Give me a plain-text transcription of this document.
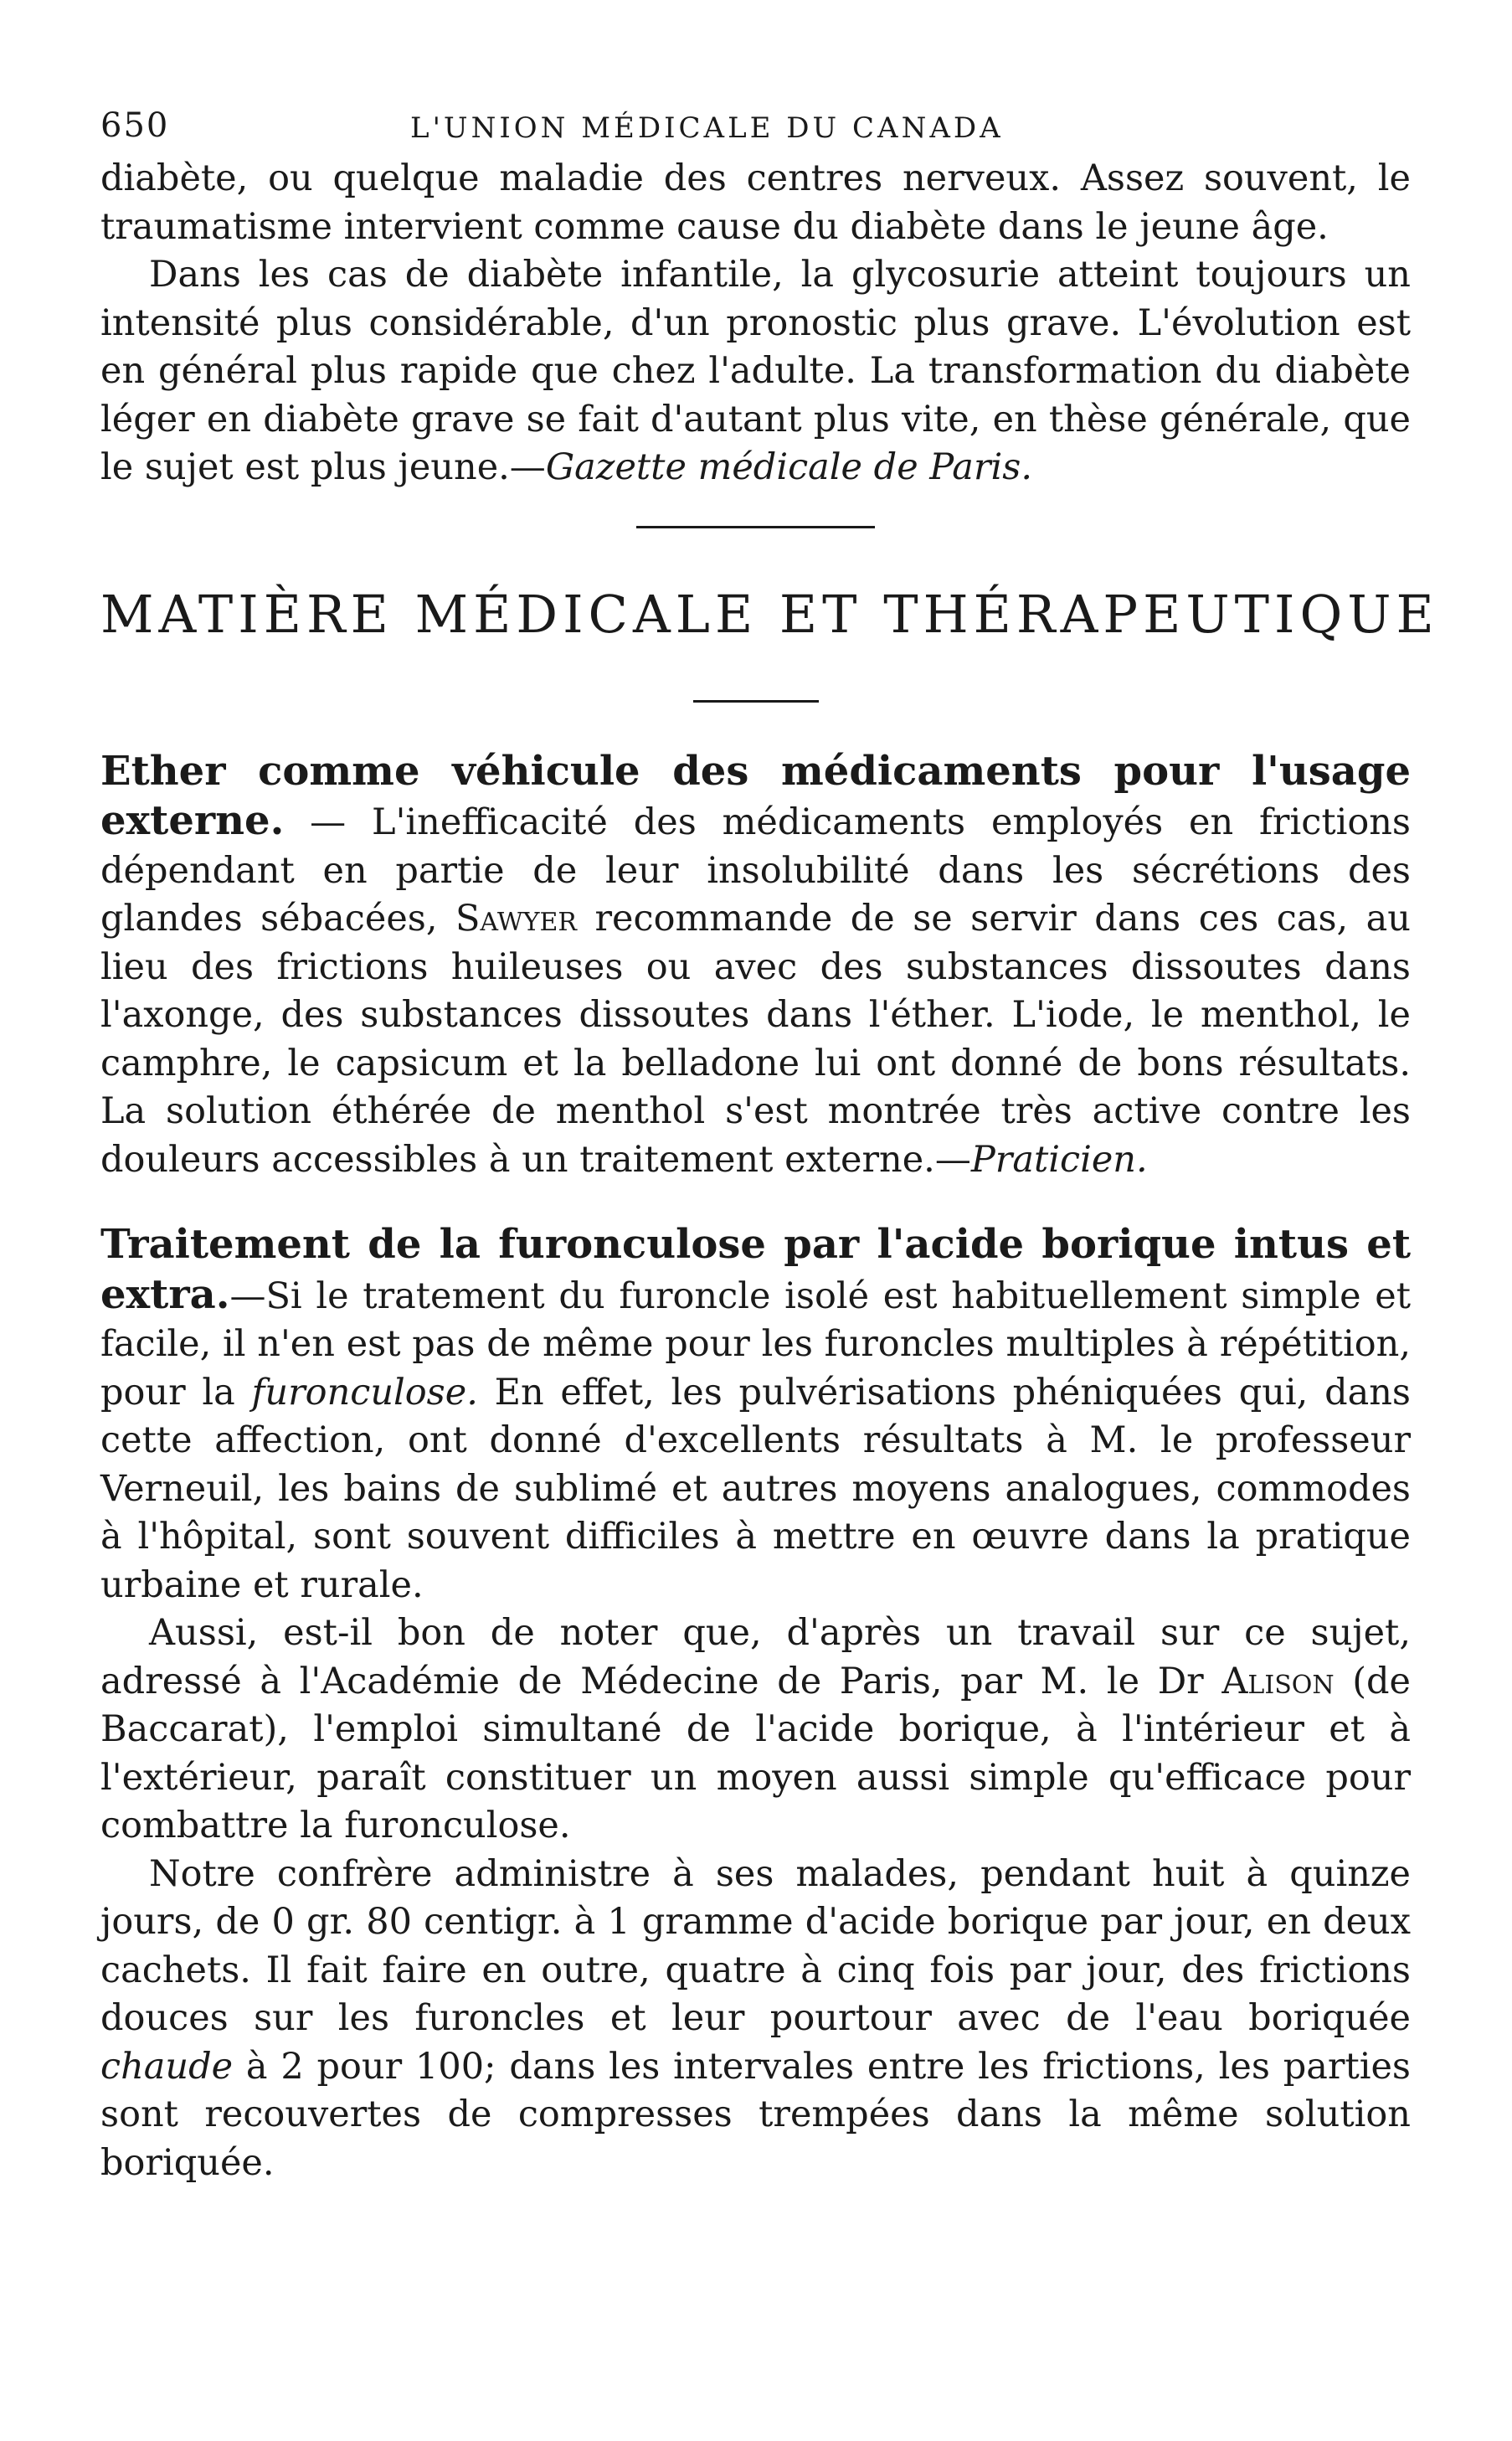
650	L'UNION MÉDICALE DU CANADA

diabète, ou quelque maladie des centres nerveux. Assez souvent, le traumatisme intervient comme cause du diabète dans le jeune âge.

Dans les cas de diabète infantile, la glycosurie atteint toujours un intensité plus considérable, d'un pronostic plus grave. L'évolution est en général plus rapide que chez l'adulte. La transformation du diabète léger en diabète grave se fait d'autant plus vite, en thèse générale, que le sujet est plus jeune.—Gazette médicale de Paris.

MATIÈRE MÉDICALE ET THÉRAPEUTIQUE

Ether comme véhicule des médicaments pour l'usage externe. — L'inefficacité des médicaments employés en frictions dépendant en partie de leur insolubilité dans les sécrétions des glandes sébacées, Sawyer recommande de se servir dans ces cas, au lieu des frictions huileuses ou avec des substances dissoutes dans l'axonge, des substances dissoutes dans l'éther. L'iode, le menthol, le camphre, le capsicum et la belladone lui ont donné de bons résultats. La solution éthérée de menthol s'est montrée très active contre les douleurs accessibles à un traitement externe.—Praticien.

Traitement de la furonculose par l'acide borique intus et extra.—Si le tratement du furoncle isolé est habituellement simple et facile, il n'en est pas de même pour les furoncles multiples à répétition, pour la furonculose. En effet, les pulvérisations phéniquées qui, dans cette affection, ont donné d'excellents résultats à M. le professeur Verneuil, les bains de sublimé et autres moyens analogues, commodes à l'hôpital, sont souvent difficiles à mettre en œuvre dans la pratique urbaine et rurale.

Aussi, est-il bon de noter que, d'après un travail sur ce sujet, adressé à l'Académie de Médecine de Paris, par M. le Dr Alison (de Baccarat), l'emploi simultané de l'acide borique, à l'intérieur et à l'extérieur, paraît constituer un moyen aussi simple qu'efficace pour combattre la furonculose.

Notre confrère administre à ses malades, pendant huit à quinze jours, de 0 gr. 80 centigr. à 1 gramme d'acide borique par jour, en deux cachets. Il fait faire en outre, quatre à cinq fois par jour, des frictions douces sur les furoncles et leur pourtour avec de l'eau boriquée chaude à 2 pour 100; dans les intervales entre les frictions, les parties sont recouvertes de compresses trempées dans la même solution boriquée.
